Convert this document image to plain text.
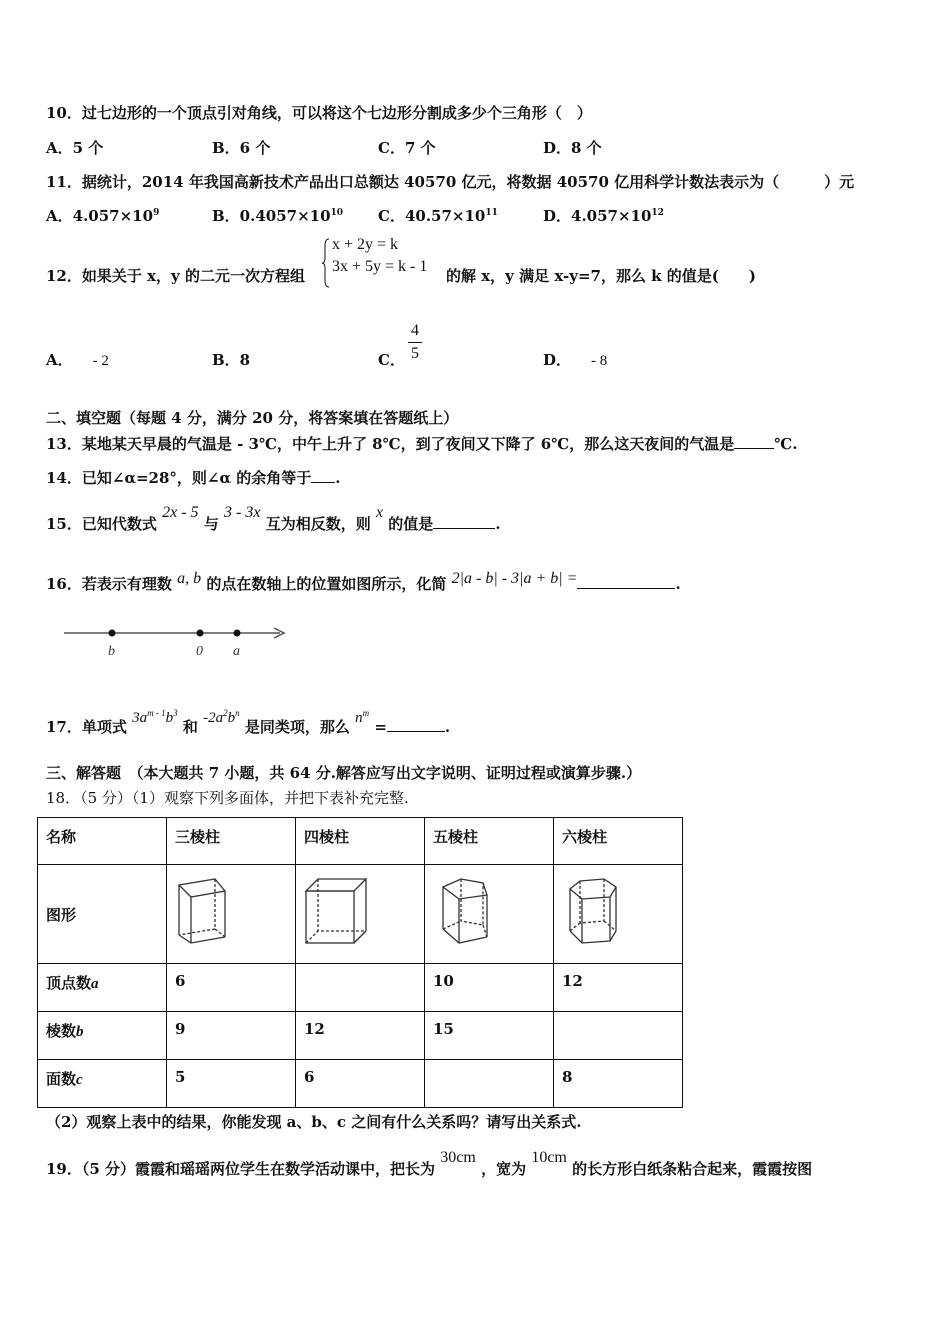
10．过七边形的一个顶点引对角线，可以将这个七边形分割成多少个三角形（　）
A．5 个	B．6 个	C．7 个	D．8 个
11．据统计，2014 年我国高新技术产品出口总额达 40570 亿元，将数据 40570 亿用科学计数法表示为（　　　）元
A．$4.057\times 10^9$	B．$0.4057\times 10^{10}$ C．$40.57\times 10^{11}$	D．$4.057\times 10^{12}$
12．如果关于 x，y 的二元一次方程组
x + 2y = k
3x + 5y = k - 1
的解 x，y 满足 x-y=7，那么 k 的值是(　　)
A． - 2	B．8	C． $\frac{4}{5}$	D． - 8
二、填空题（每题 4 分，满分 20 分，将答案填在答题纸上）
13．某地某天早晨的气温是 - 3℃，中午上升了 8℃，到了夜间又下降了 6℃，那么这天夜间的气温是	℃.
14．已知∠α=28°，则∠α 的余角等于 .
15．已知代数式 2x - 5 与 3 - 3x 互为相反数，则 x 的值是	.
16．若表示有理数 a, b 的点在数轴上的位置如图所示，化简 2|a - b| - 3|a + b| =	.
b	0 a
17．单项式 $3a^{m - 1}b^3$ 和 $-2a^2b^n$ 是同类项，那么 $n^m$ =	.
三、解答题　（本大题共 7 小题，共 64 分.解答应写出文字说明、证明过程或演算步骤.）
18．（5 分）（1）观察下列多面体，并把下表补充完整.
名称	三棱柱	四棱柱	五棱柱	六棱柱
图形				
顶点数a	6		10	12
棱数b	9	12	15	
面数c	5	6		8
（2）观察上表中的结果，你能发现 a、b、c 之间有什么关系吗？请写出关系式.
19．（5 分）霞霞和瑶瑶两位学生在数学活动课中，把长为 30cm ，宽为 10cm 的长方形白纸条粘合起来，霞霞按图
